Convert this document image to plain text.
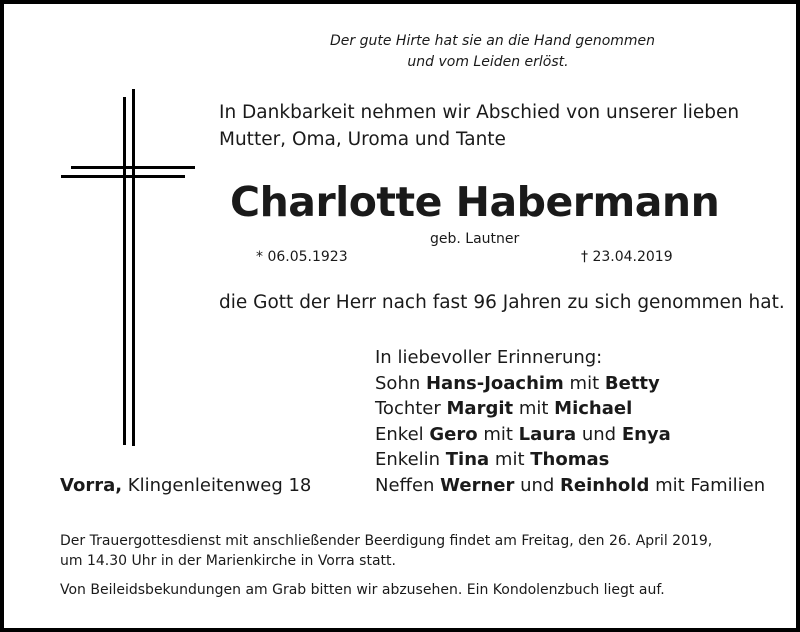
Der gute Hirte hat sie an die Hand genommen
und vom Leiden erlöst.
In Dankbarkeit nehmen wir Abschied von unserer lieben
Mutter, Oma, Uroma und Tante
Charlotte Habermann
geb. Lautner
* 06.05.1923	† 23.04.2019
die Gott der Herr nach fast 96 Jahren zu sich genommen hat.
In liebevoller Erinnerung:
Sohn Hans-Joachim mit Betty
Tochter Margit mit Michael
Enkel Gero mit Laura und Enya
Enkelin Tina mit Thomas
Neffen Werner und Reinhold mit Familien
Vorra, Klingenleitenweg 18
Der Trauergottesdienst mit anschließender Beerdigung findet am Freitag, den 26. April 2019,
um 14.30 Uhr in der Marienkirche in Vorra statt.
Von Beileidsbekundungen am Grab bitten wir abzusehen. Ein Kondolenzbuch liegt auf.
